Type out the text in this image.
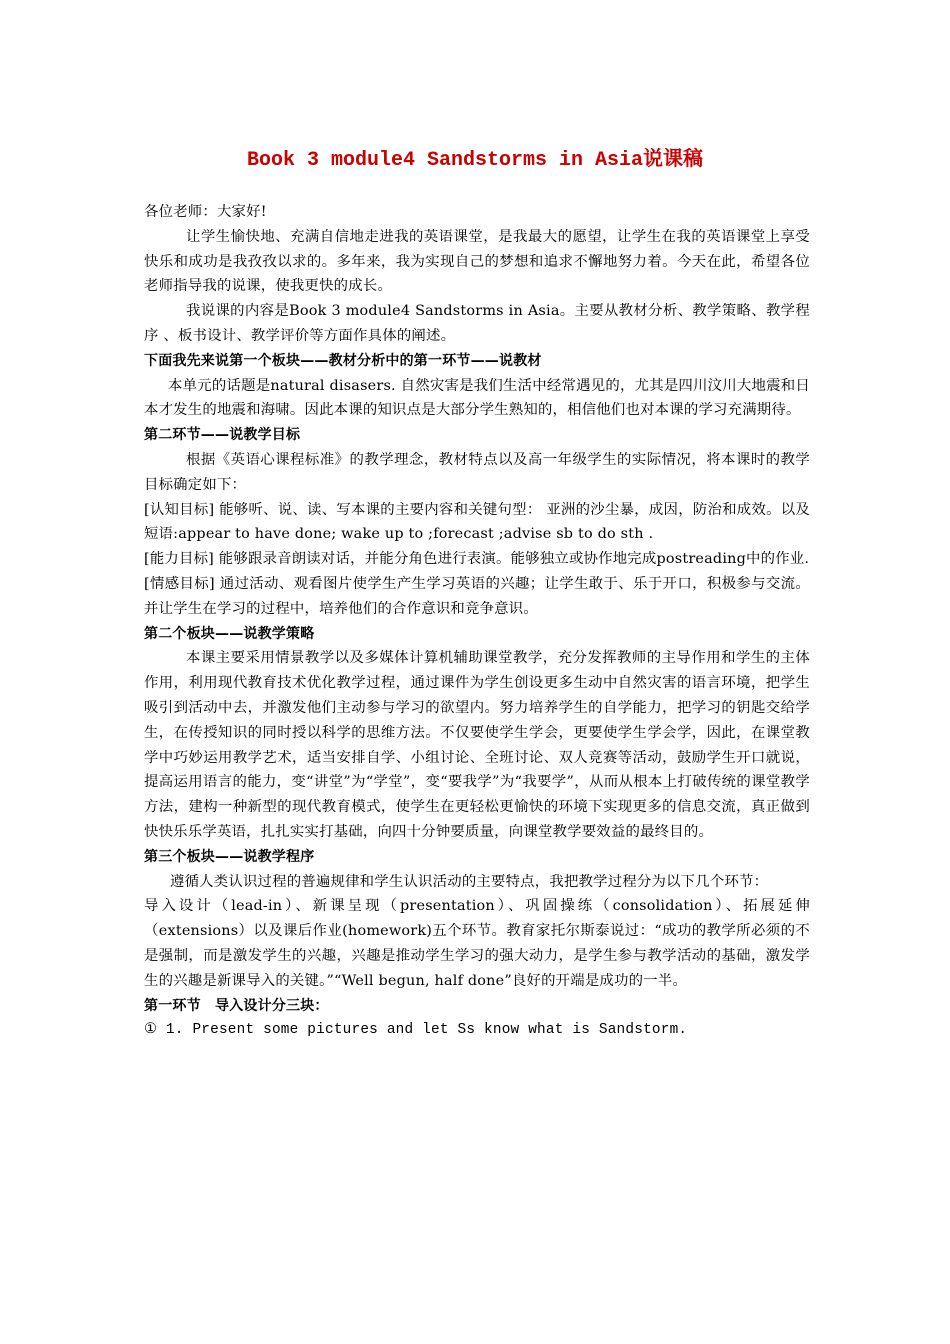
Book 3 module4 Sandstorms in Asia说课稿

各位老师：大家好!

让学生愉快地、充满自信地走进我的英语课堂，是我最大的愿望，让学生在我的英语课堂上享受快乐和成功是我孜孜以求的。多年来，我为实现自己的梦想和追求不懈地努力着。今天在此，希望各位老师指导我的说课，使我更快的成长。

我说课的内容是Book 3 module4 Sandstorms in Asia。主要从教材分析、教学策略、教学程序 、板书设计、教学评价等方面作具体的阐述。

下面我先来说第一个板块——教材分析中的第一环节——说教材

本单元的话题是natural disasers. 自然灾害是我们生活中经常遇见的，尤其是四川汶川大地震和日本才发生的地震和海啸。因此本课的知识点是大部分学生熟知的，相信他们也对本课的学习充满期待。

第二环节——说教学目标

根据《英语心课程标准》的教学理念，教材特点以及高一年级学生的实际情况，将本课时的教学目标确定如下：

[认知目标] 能够听、说、读、写本课的主要内容和关键句型： 亚洲的沙尘暴，成因，防治和成效。以及短语:appear to have done; wake up to ;forecast ;advise sb to do sth .

[能力目标] 能够跟录音朗读对话，并能分角色进行表演。能够独立或协作地完成postreading中的作业.

[情感目标] 通过活动、观看图片使学生产生学习英语的兴趣；让学生敢于、乐于开口，积极参与交流。并让学生在学习的过程中，培养他们的合作意识和竞争意识。

第二个板块——说教学策略

本课主要采用情景教学以及多媒体计算机辅助课堂教学，充分发挥教师的主导作用和学生的主体作用，利用现代教育技术优化教学过程，通过课件为学生创设更多生动中自然灾害的语言环境，把学生吸引到活动中去，并激发他们主动参与学习的欲望内。努力培养学生的自学能力，把学习的钥匙交给学生，在传授知识的同时授以科学的思维方法。不仅要使学生学会，更要使学生学会学，因此，在课堂教学中巧妙运用教学艺术，适当安排自学、小组讨论、全班讨论、双人竞赛等活动，鼓励学生开口就说，提高运用语言的能力，变“讲堂”为“学堂”，变“要我学”为“我要学”，从而从根本上打破传统的课堂教学方法，建构一种新型的现代教育模式，使学生在更轻松更愉快的环境下实现更多的信息交流，真正做到快快乐乐学英语，扎扎实实打基础，向四十分钟要质量，向课堂教学要效益的最终目的。

第三个板块——说教学程序

遵循人类认识过程的普遍规律和学生认识活动的主要特点，我把教学过程分为以下几个环节：

导入设计（lead-in）、新课呈现（presentation）、巩固操练（consolidation）、拓展延伸（extensions）以及课后作业(homework)五个环节。教育家托尔斯泰说过：“成功的教学所必须的不是强制，而是激发学生的兴趣，兴趣是推动学生学习的强大动力，是学生参与教学活动的基础，激发学生的兴趣是新课导入的关键。”“Well begun, half done”良好的开端是成功的一半。

第一环节　导入设计分三块：

① 1. Present some pictures and let Ss know what is Sandstorm.
